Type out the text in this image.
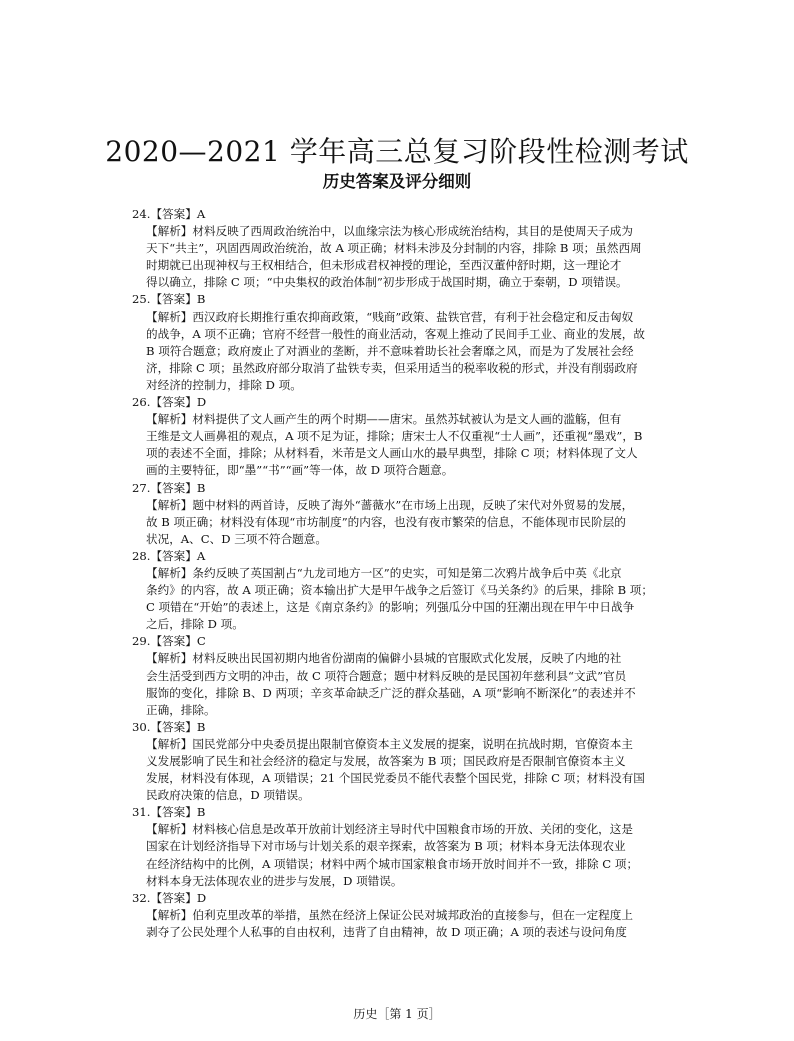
2020—2021 学年高三总复习阶段性检测考试
历史答案及评分细则
24.【答案】A
【解析】材料反映了西周政治统治中，以血缘宗法为核心形成统治结构，其目的是使周天子成为
天下“共主”，巩固西周政治统治，故 A 项正确；材料未涉及分封制的内容，排除 B 项；虽然西周
时期就已出现神权与王权相结合，但未形成君权神授的理论，至西汉董仲舒时期，这一理论才
得以确立，排除 C 项；“中央集权的政治体制”初步形成于战国时期，确立于秦朝，D 项错误。
25.【答案】B
【解析】西汉政府长期推行重农抑商政策，“贱商”政策、盐铁官营，有利于社会稳定和反击匈奴
的战争，A 项不正确；官府不经营一般性的商业活动，客观上推动了民间手工业、商业的发展，故
B 项符合题意；政府废止了对酒业的垄断，并不意味着助长社会奢靡之风，而是为了发展社会经
济，排除 C 项；虽然政府部分取消了盐铁专卖，但采用适当的税率收税的形式，并没有削弱政府
对经济的控制力，排除 D 项。
26.【答案】D
【解析】材料提供了文人画产生的两个时期——唐宋。虽然苏轼被认为是文人画的滥觞，但有
王维是文人画鼻祖的观点，A 项不足为证，排除；唐宋士人不仅重视“士人画”，还重视“墨戏”，B
项的表述不全面，排除；从材料看，米芾是文人画山水的最早典型，排除 C 项；材料体现了文人
画的主要特征，即“墨”“书”“画”等一体，故 D 项符合题意。
27.【答案】B
【解析】题中材料的两首诗，反映了海外“蔷薇水”在市场上出现，反映了宋代对外贸易的发展，
故 B 项正确；材料没有体现“市坊制度”的内容，也没有夜市繁荣的信息，不能体现市民阶层的
状况，A、C、D 三项不符合题意。
28.【答案】A
【解析】条约反映了英国割占“九龙司地方一区”的史实，可知是第二次鸦片战争后中英《北京
条约》的内容，故 A 项正确；资本输出扩大是甲午战争之后签订《马关条约》的后果，排除 B 项；
C 项错在“开始”的表述上，这是《南京条约》的影响；列强瓜分中国的狂潮出现在甲午中日战争
之后，排除 D 项。
29.【答案】C
【解析】材料反映出民国初期内地省份湖南的偏僻小县城的官服欧式化发展，反映了内地的社
会生活受到西方文明的冲击，故 C 项符合题意；题中材料反映的是民国初年慈利县“文武”官员
服饰的变化，排除 B、D 两项；辛亥革命缺乏广泛的群众基础，A 项“影响不断深化”的表述并不
正确，排除。
30.【答案】B
【解析】国民党部分中央委员提出限制官僚资本主义发展的提案，说明在抗战时期，官僚资本主
义发展影响了民生和社会经济的稳定与发展，故答案为 B 项；国民政府是否限制官僚资本主义
发展，材料没有体现，A 项错误；21 个国民党委员不能代表整个国民党，排除 C 项；材料没有国
民政府决策的信息，D 项错误。
31.【答案】B
【解析】材料核心信息是改革开放前计划经济主导时代中国粮食市场的开放、关闭的变化，这是
国家在计划经济指导下对市场与计划关系的艰辛探索，故答案为 B 项；材料本身无法体现农业
在经济结构中的比例，A 项错误；材料中两个城市国家粮食市场开放时间并不一致，排除 C 项；
材料本身无法体现农业的进步与发展，D 项错误。
32.【答案】D
【解析】伯利克里改革的举措，虽然在经济上保证公民对城邦政治的直接参与，但在一定程度上
剥夺了公民处理个人私事的自由权利，违背了自由精神，故 D 项正确；A 项的表述与设问角度
历史［第 1 页］
